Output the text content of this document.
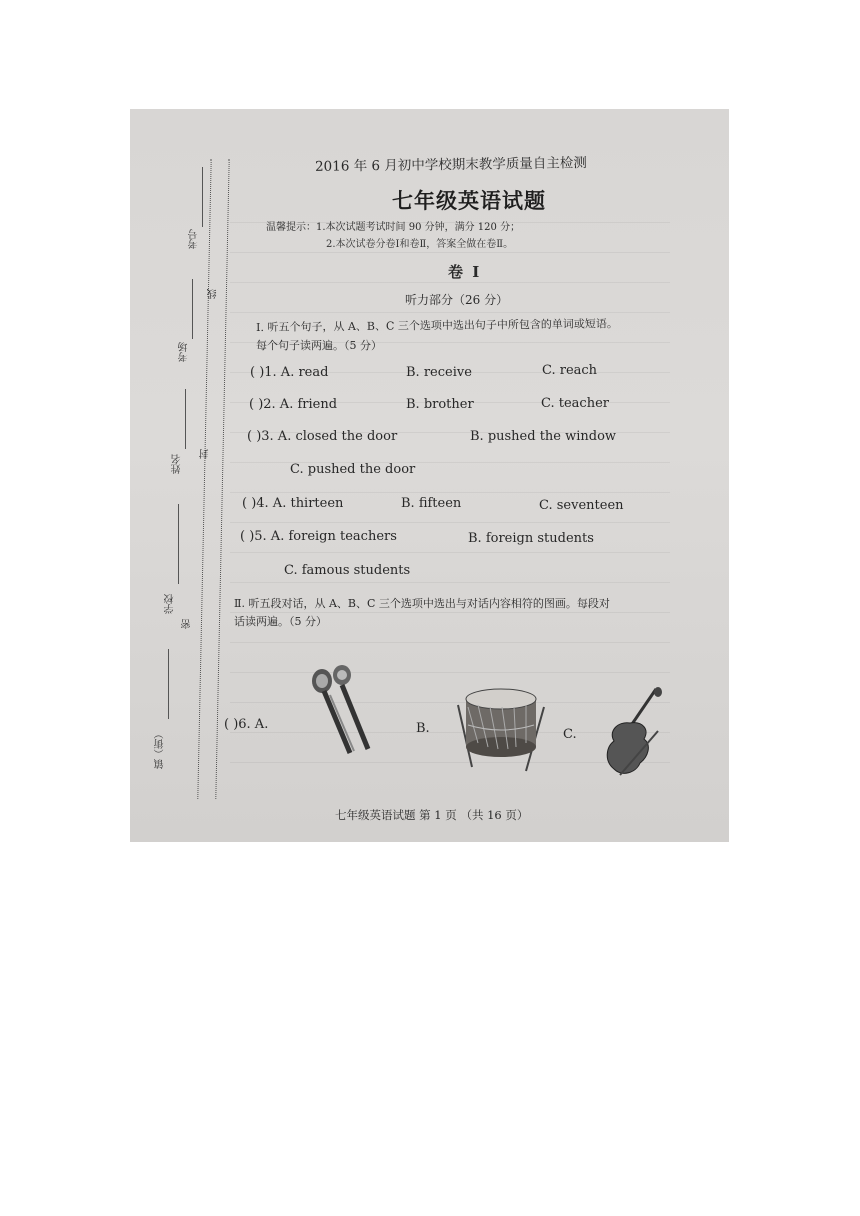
考号
考场
姓名
学校
镇（街）
线
封
密
2016 年 6 月初中学校期末教学质量自主检测
七年级英语试题
温馨提示：1.本次试题考试时间 90 分钟，满分 120 分；
2.本次试卷分卷Ⅰ和卷Ⅱ，答案全做在卷Ⅱ。
卷 Ⅰ
听力部分（26 分）
Ⅰ. 听五个句子，从 A、B、C 三个选项中选出句子中所包含的单词或短语。
每个句子读两遍。（5 分）
( )1. A. read	B. receive	C. reach
( )2. A. friend	B. brother	C. teacher
( )3. A. closed the door	B. pushed the window
C. pushed the door
( )4. A. thirteen	B. fifteen	C. seventeen
( )5. A. foreign teachers	B. foreign students
C. famous students
Ⅱ. 听五段对话，从 A、B、C 三个选项中选出与对话内容相符的图画。每段对
话读两遍。（5 分）
( )6. A.	B.	C.
七年级英语试题 第 1 页 （共 16 页）
